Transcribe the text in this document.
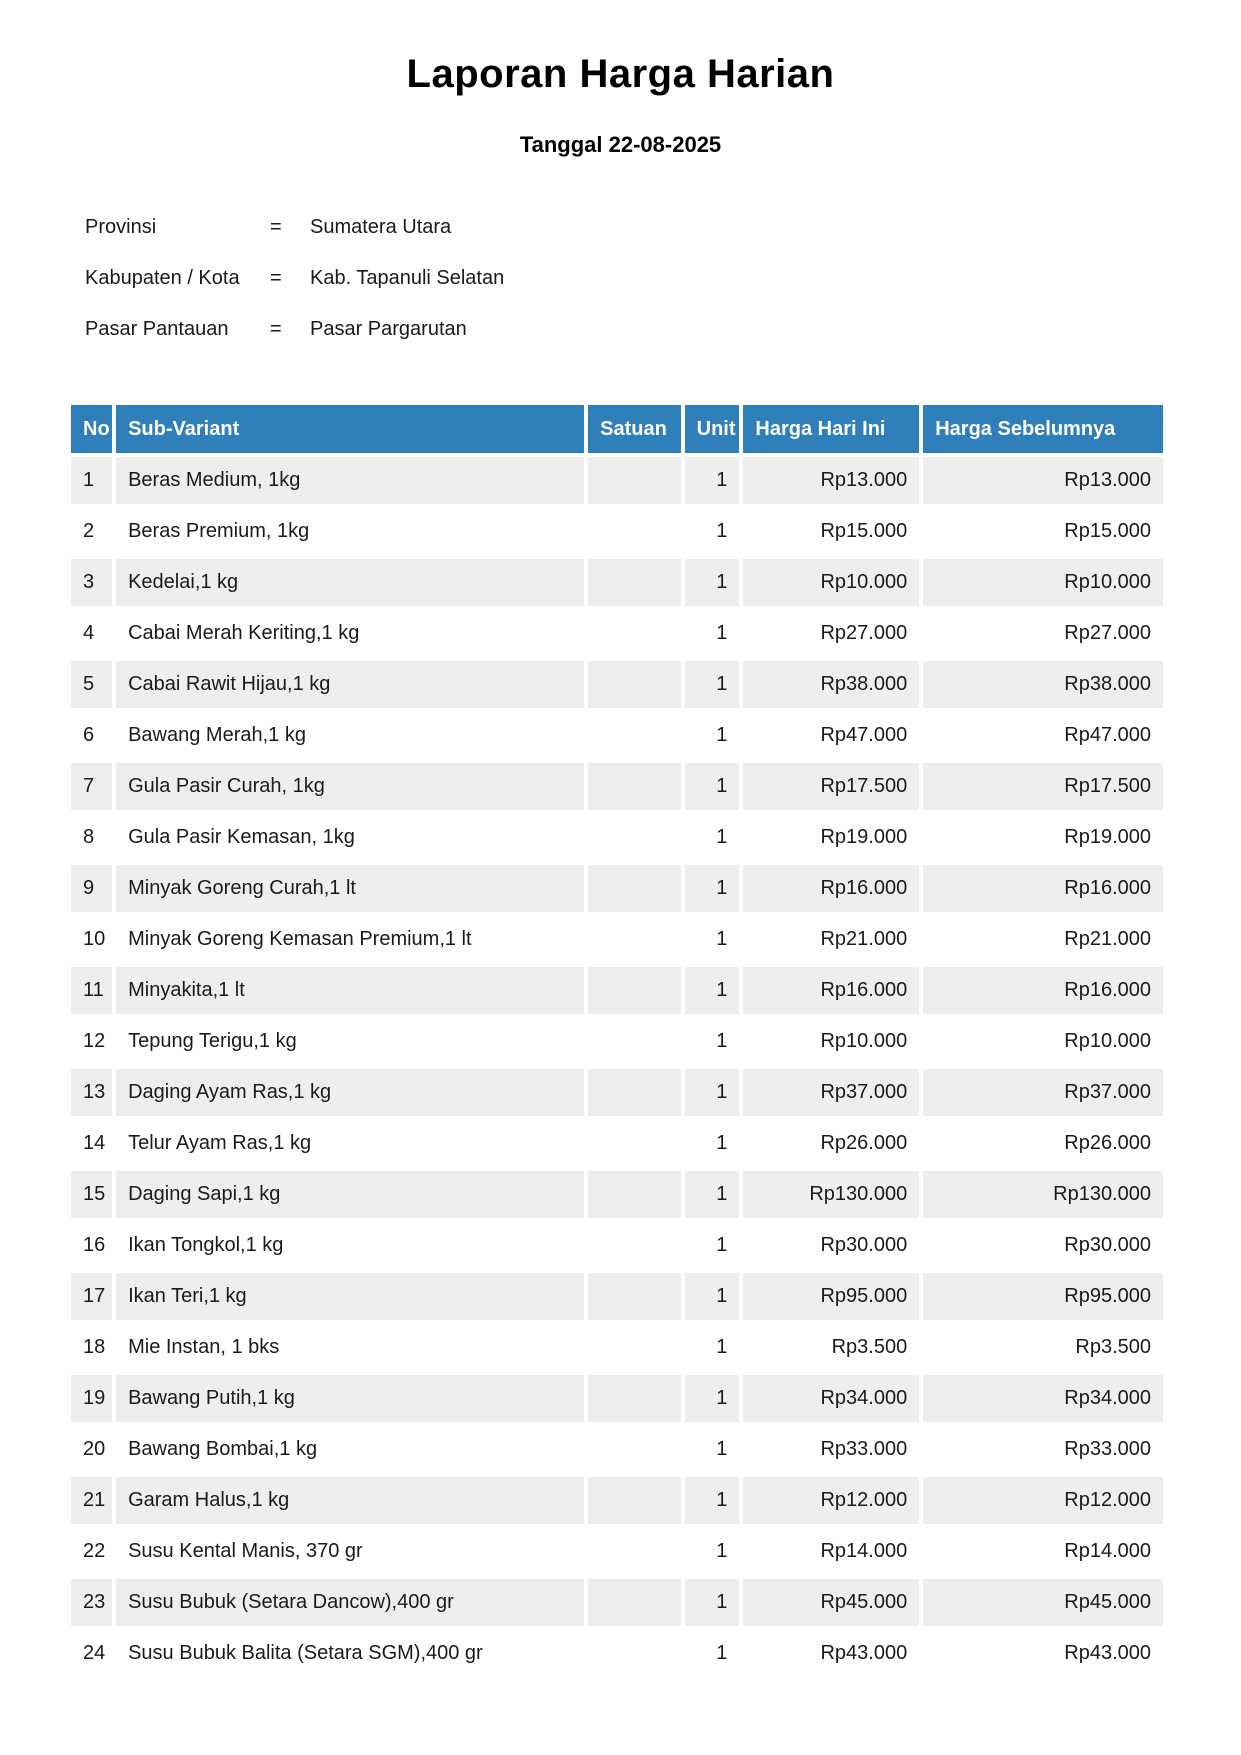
Laporan Harga Harian
Tanggal 22-08-2025
Provinsi	=	Sumatera Utara
Kabupaten / Kota	=	Kab. Tapanuli Selatan
Pasar Pantauan	=	Pasar Pargarutan
No	Sub-Variant	Satuan	Unit	Harga Hari Ini	Harga Sebelumnya
1	Beras Medium, 1kg		1	Rp13.000	Rp13.000
2	Beras Premium, 1kg		1	Rp15.000	Rp15.000
3	Kedelai,1 kg		1	Rp10.000	Rp10.000
4	Cabai Merah Keriting,1 kg		1	Rp27.000	Rp27.000
5	Cabai Rawit Hijau,1 kg		1	Rp38.000	Rp38.000
6	Bawang Merah,1 kg		1	Rp47.000	Rp47.000
7	Gula Pasir Curah, 1kg		1	Rp17.500	Rp17.500
8	Gula Pasir Kemasan, 1kg		1	Rp19.000	Rp19.000
9	Minyak Goreng Curah,1 lt		1	Rp16.000	Rp16.000
10	Minyak Goreng Kemasan Premium,1 lt		1	Rp21.000	Rp21.000
11	Minyakita,1 lt		1	Rp16.000	Rp16.000
12	Tepung Terigu,1 kg		1	Rp10.000	Rp10.000
13	Daging Ayam Ras,1 kg		1	Rp37.000	Rp37.000
14	Telur Ayam Ras,1 kg		1	Rp26.000	Rp26.000
15	Daging Sapi,1 kg		1	Rp130.000	Rp130.000
16	Ikan Tongkol,1 kg		1	Rp30.000	Rp30.000
17	Ikan Teri,1 kg		1	Rp95.000	Rp95.000
18	Mie Instan, 1 bks		1	Rp3.500	Rp3.500
19	Bawang Putih,1 kg		1	Rp34.000	Rp34.000
20	Bawang Bombai,1 kg		1	Rp33.000	Rp33.000
21	Garam Halus,1 kg		1	Rp12.000	Rp12.000
22	Susu Kental Manis, 370 gr		1	Rp14.000	Rp14.000
23	Susu Bubuk (Setara Dancow),400 gr		1	Rp45.000	Rp45.000
24	Susu Bubuk Balita (Setara SGM),400 gr		1	Rp43.000	Rp43.000
